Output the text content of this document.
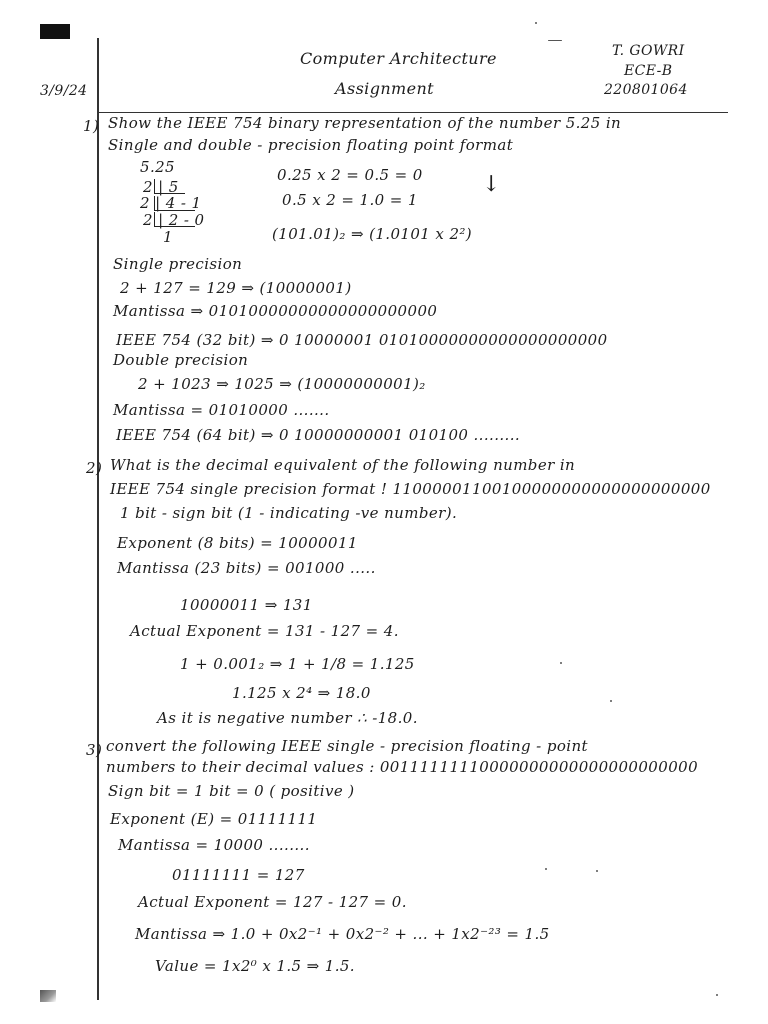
3/9/24
Computer Architecture
Assignment
T. GOWRI
ECE-B
220801064
1) Show the IEEE 754 binary representation of the number 5.25 in
Single and double - precision floating point format
5.25
2 | 5
2 | 4 - 1
2 | 2 - 0
1
0.25 x 2 = 0.5 = 0
0.5 x 2 = 1.0 = 1
(101.01)₂ ⇒ (1.0101 x 2²)
Single precision
2 + 127 = 129 ⇒ (10000001)
Mantissa ⇒ 01010000000000000000000
IEEE 754 (32 bit) ⇒ 0 10000001 01010000000000000000000
Double precision
2 + 1023 ⇒ 1025 ⇒ (10000000001)₂
Mantissa = 01010000 .......
IEEE 754 (64 bit) ⇒ 0 10000000001 010100 .........
2) What is the decimal equivalent of the following number in
IEEE 754 single precision format ! 11000001100100000000000000000000
1 bit - sign bit (1 - indicating -ve number).
Exponent (8 bits) = 10000011
Mantissa (23 bits) = 001000 .....
10000011 ⇒ 131
Actual Exponent = 131 - 127 = 4.
1 + 0.001₂ ⇒ 1 + 1/8 = 1.125
1.125 x 2⁴ ⇒ 18.0
As it is negative number ∴ -18.0.
3) convert the following IEEE single - precision floating - point
numbers to their decimal values : 00111111110000000000000000000000
Sign bit = 1 bit = 0 ( positive )
Exponent (E) = 01111111
Mantissa = 10000 ........
01111111 = 127
Actual Exponent = 127 - 127 = 0.
Mantissa ⇒ 1.0 + 0x2⁻¹ + 0x2⁻² + ... + 1x2⁻²³ = 1.5
Value = 1x2⁰ x 1.5 ⇒ 1.5.
↓
